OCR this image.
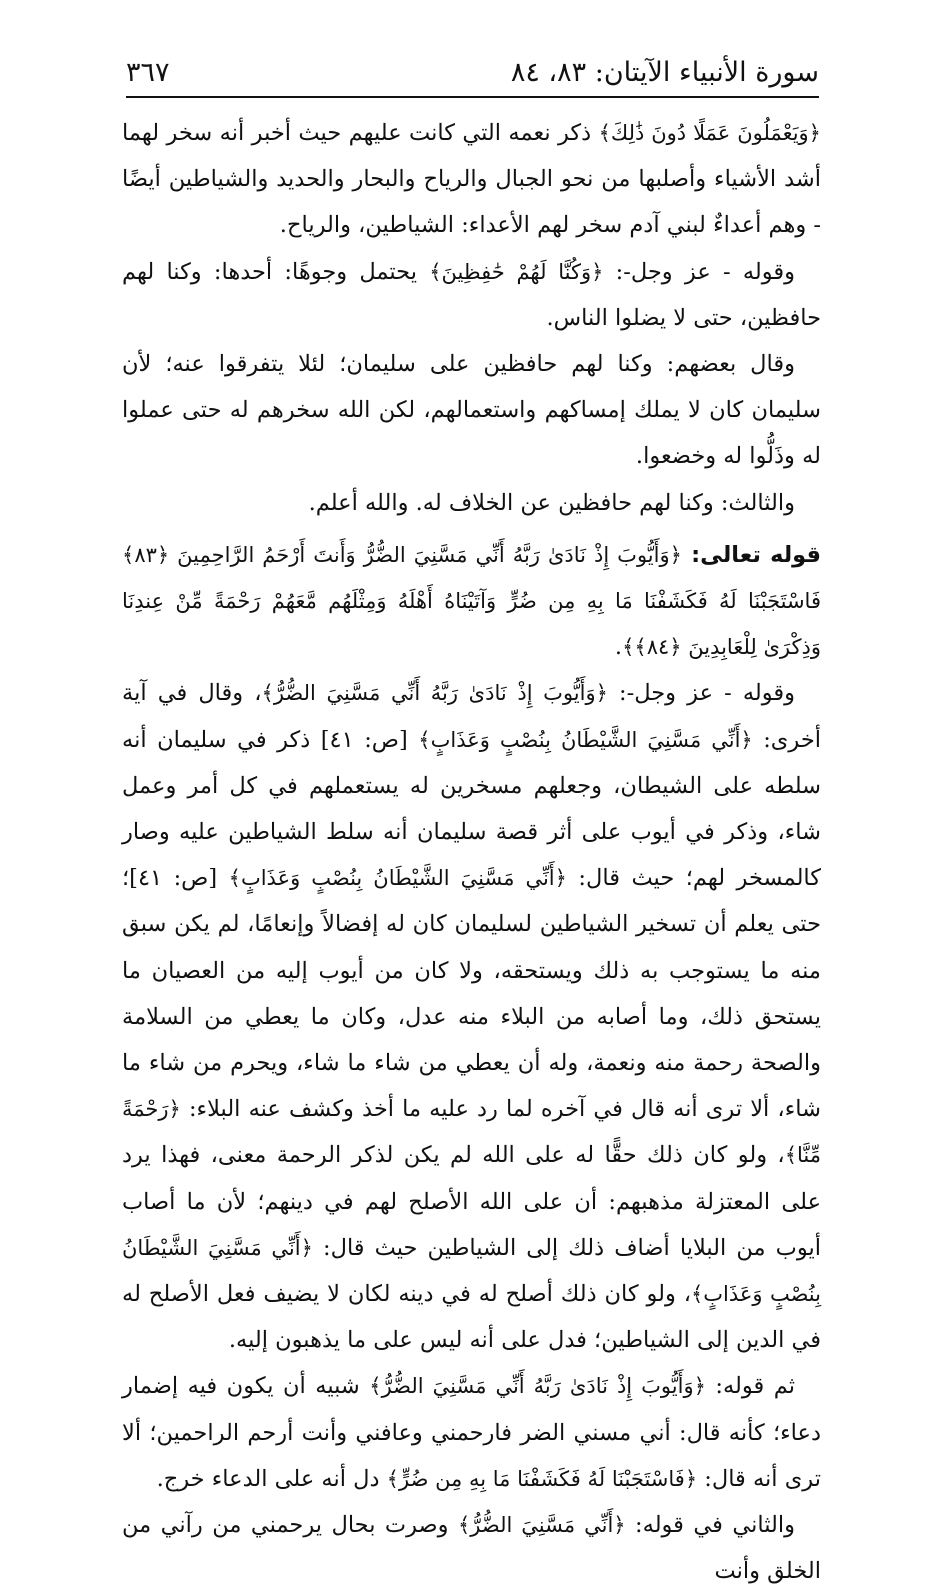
سورة الأنبياء الآيتان: ٨٣، ٨٤
٣٦٧

﴿وَيَعْمَلُونَ عَمَلًا دُونَ ذَٰلِكَ﴾ ذكر نعمه التي كانت عليهم حيث أخبر أنه سخر لهما أشد الأشياء وأصلبها من نحو الجبال والرياح والبحار والحديد والشياطين أيضًا - وهم أعداءٌ لبني آدم سخر لهم الأعداء: الشياطين، والرياح.

وقوله - عز وجل-: ﴿وَكُنَّا لَهُمْ حَٰفِظِينَ﴾ يحتمل وجوهًا: أحدها: وكنا لهم حافظين، حتى لا يضلوا الناس.

وقال بعضهم: وكنا لهم حافظين على سليمان؛ لئلا يتفرقوا عنه؛ لأن سليمان كان لا يملك إمساكهم واستعمالهم، لكن الله سخرهم له حتى عملوا له وذَلُّوا له وخضعوا.

والثالث: وكنا لهم حافظين عن الخلاف له. والله أعلم.

قوله تعالى: ﴿وَأَيُّوبَ إِذْ نَادَىٰ رَبَّهُ أَنِّي مَسَّنِيَ الضُّرُّ وَأَنتَ أَرْحَمُ الرَّاحِمِينَ ﴿٨٣﴾ فَاسْتَجَبْنَا لَهُ فَكَشَفْنَا مَا بِهِ مِن ضُرٍّ وَآتَيْنَاهُ أَهْلَهُ وَمِثْلَهُم مَّعَهُمْ رَحْمَةً مِّنْ عِندِنَا وَذِكْرَىٰ لِلْعَابِدِينَ ﴿٨٤﴾﴾.

وقوله - عز وجل-: ﴿وَأَيُّوبَ إِذْ نَادَىٰ رَبَّهُ أَنِّي مَسَّنِيَ الضُّرُّ﴾، وقال في آية أخرى: ﴿أَنِّي مَسَّنِيَ الشَّيْطَانُ بِنُصْبٍ وَعَذَابٍ﴾ [ص: ٤١] ذكر في سليمان أنه سلطه على الشيطان، وجعلهم مسخرين له يستعملهم في كل أمر وعمل شاء، وذكر في أيوب على أثر قصة سليمان أنه سلط الشياطين عليه وصار كالمسخر لهم؛ حيث قال: ﴿أَنِّي مَسَّنِيَ الشَّيْطَانُ بِنُصْبٍ وَعَذَابٍ﴾ [ص: ٤١]؛ حتى يعلم أن تسخير الشياطين لسليمان كان له إفضالاً وإنعامًا، لم يكن سبق منه ما يستوجب به ذلك ويستحقه، ولا كان من أيوب إليه من العصيان ما يستحق ذلك، وما أصابه من البلاء منه عدل، وكان ما يعطي من السلامة والصحة رحمة منه ونعمة، وله أن يعطي من شاء ما شاء، ويحرم من شاء ما شاء، ألا ترى أنه قال في آخره لما رد عليه ما أخذ وكشف عنه البلاء: ﴿رَحْمَةً مِّنَّا﴾، ولو كان ذلك حقًّا له على الله لم يكن لذكر الرحمة معنى، فهذا يرد على المعتزلة مذهبهم: أن على الله الأصلح لهم في دينهم؛ لأن ما أصاب أيوب من البلايا أضاف ذلك إلى الشياطين حيث قال: ﴿أَنِّي مَسَّنِيَ الشَّيْطَانُ بِنُصْبٍ وَعَذَابٍ﴾، ولو كان ذلك أصلح له في دينه لكان لا يضيف فعل الأصلح له في الدين إلى الشياطين؛ فدل على أنه ليس على ما يذهبون إليه.

ثم قوله: ﴿وَأَيُّوبَ إِذْ نَادَىٰ رَبَّهُ أَنِّي مَسَّنِيَ الضُّرُّ﴾ شبيه أن يكون فيه إضمار دعاء؛ كأنه قال: أني مسني الضر فارحمني وعافني وأنت أرحم الراحمين؛ ألا ترى أنه قال: ﴿فَاسْتَجَبْنَا لَهُ فَكَشَفْنَا مَا بِهِ مِن ضُرٍّ﴾ دل أنه على الدعاء خرج.

والثاني في قوله: ﴿أَنِّي مَسَّنِيَ الضُّرُّ﴾ وصرت بحال يرحمني من رآني من الخلق وأنت
